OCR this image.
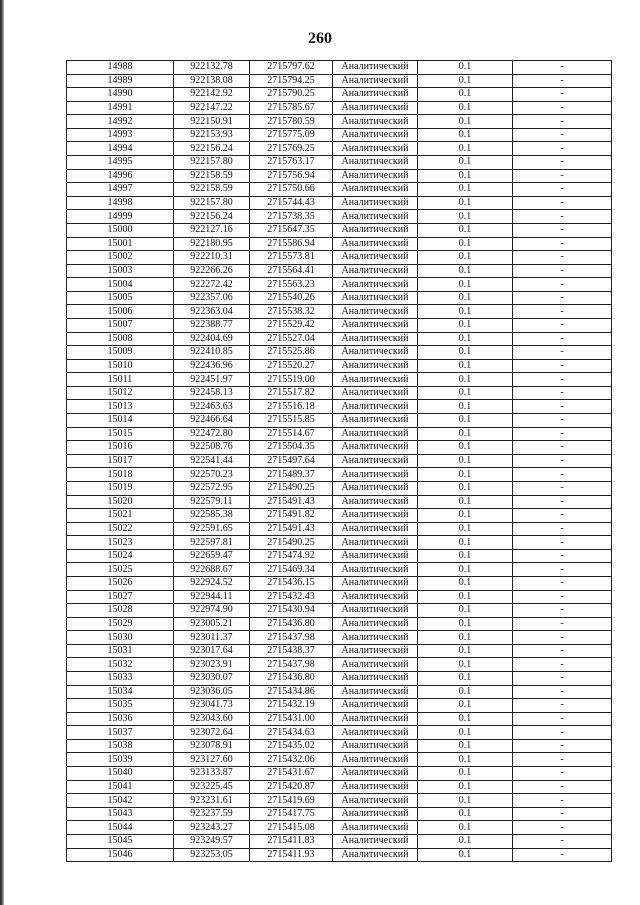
260
14988	922132.78	2715797.62	Аналитический	0.1	-
14989	922138.08	2715794.25	Аналитический	0.1	-
14990	922142.92	2715790.25	Аналитический	0.1	-
14991	922147.22	2715785.67	Аналитический	0.1	-
14992	922150.91	2715780.59	Аналитический	0.1	-
14993	922153.93	2715775.09	Аналитический	0.1	-
14994	922156.24	2715769.25	Аналитический	0.1	-
14995	922157.80	2715763.17	Аналитический	0.1	-
14996	922158.59	2715756.94	Аналитический	0.1	-
14997	922158.59	2715750.66	Аналитический	0.1	-
14998	922157.80	2715744.43	Аналитический	0.1	-
14999	922156.24	2715738.35	Аналитический	0.1	-
15000	922127.16	2715647.35	Аналитический	0.1	-
15001	922180.95	2715586.94	Аналитический	0.1	-
15002	922210.31	2715573.81	Аналитический	0.1	-
15003	922266.26	2715564.41	Аналитический	0.1	-
15004	922272.42	2715563.23	Аналитический	0.1	-
15005	922357.06	2715540.26	Аналитический	0.1	-
15006	922363.04	2715538.32	Аналитический	0.1	-
15007	922388.77	2715529.42	Аналитический	0.1	-
15008	922404.69	2715527.04	Аналитический	0.1	-
15009	922410.85	2715525.86	Аналитический	0.1	-
15010	922436.96	2715520.27	Аналитический	0.1	-
15011	922451.97	2715519.00	Аналитический	0.1	-
15012	922458.13	2715517.82	Аналитический	0.1	-
15013	922463.63	2715516.18	Аналитический	0.1	-
15014	922466.64	2715515.85	Аналитический	0.1	-
15015	922472.80	2715514.67	Аналитический	0.1	-
15016	922508.76	2715504.35	Аналитический	0.1	-
15017	922541.44	2715497.64	Аналитический	0.1	-
15018	922570.23	2715489.37	Аналитический	0.1	-
15019	922572.95	2715490.25	Аналитический	0.1	-
15020	922579.11	2715491.43	Аналитический	0.1	-
15021	922585.38	2715491.82	Аналитический	0.1	-
15022	922591.65	2715491.43	Аналитический	0.1	-
15023	922597.81	2715490.25	Аналитический	0.1	-
15024	922659.47	2715474.92	Аналитический	0.1	-
15025	922688.67	2715469.34	Аналитический	0.1	-
15026	922924.52	2715436.15	Аналитический	0.1	-
15027	922944.11	2715432.43	Аналитический	0.1	-
15028	922974.90	2715430.94	Аналитический	0.1	-
15029	923005.21	2715436.80	Аналитический	0.1	-
15030	923011.37	2715437.98	Аналитический	0.1	-
15031	923017.64	2715438.37	Аналитический	0.1	-
15032	923023.91	2715437.98	Аналитический	0.1	-
15033	923030.07	2715436.80	Аналитический	0.1	-
15034	923036.05	2715434.86	Аналитический	0.1	-
15035	923041.73	2715432.19	Аналитический	0.1	-
15036	923043.60	2715431.00	Аналитический	0.1	-
15037	923072.64	2715434.63	Аналитический	0.1	-
15038	923078.91	2715435.02	Аналитический	0.1	-
15039	923127.60	2715432.06	Аналитический	0.1	-
15040	923133.87	2715431.67	Аналитический	0.1	-
15041	923225.45	2715420.87	Аналитический	0.1	-
15042	923231.61	2715419.69	Аналитический	0.1	-
15043	923237.59	2715417.75	Аналитический	0.1	-
15044	923243.27	2715415.08	Аналитический	0.1	-
15045	923249.57	2715411.83	Аналитический	0.1	-
15046	923253.05	2715411.93	Аналитический	0.1	-
